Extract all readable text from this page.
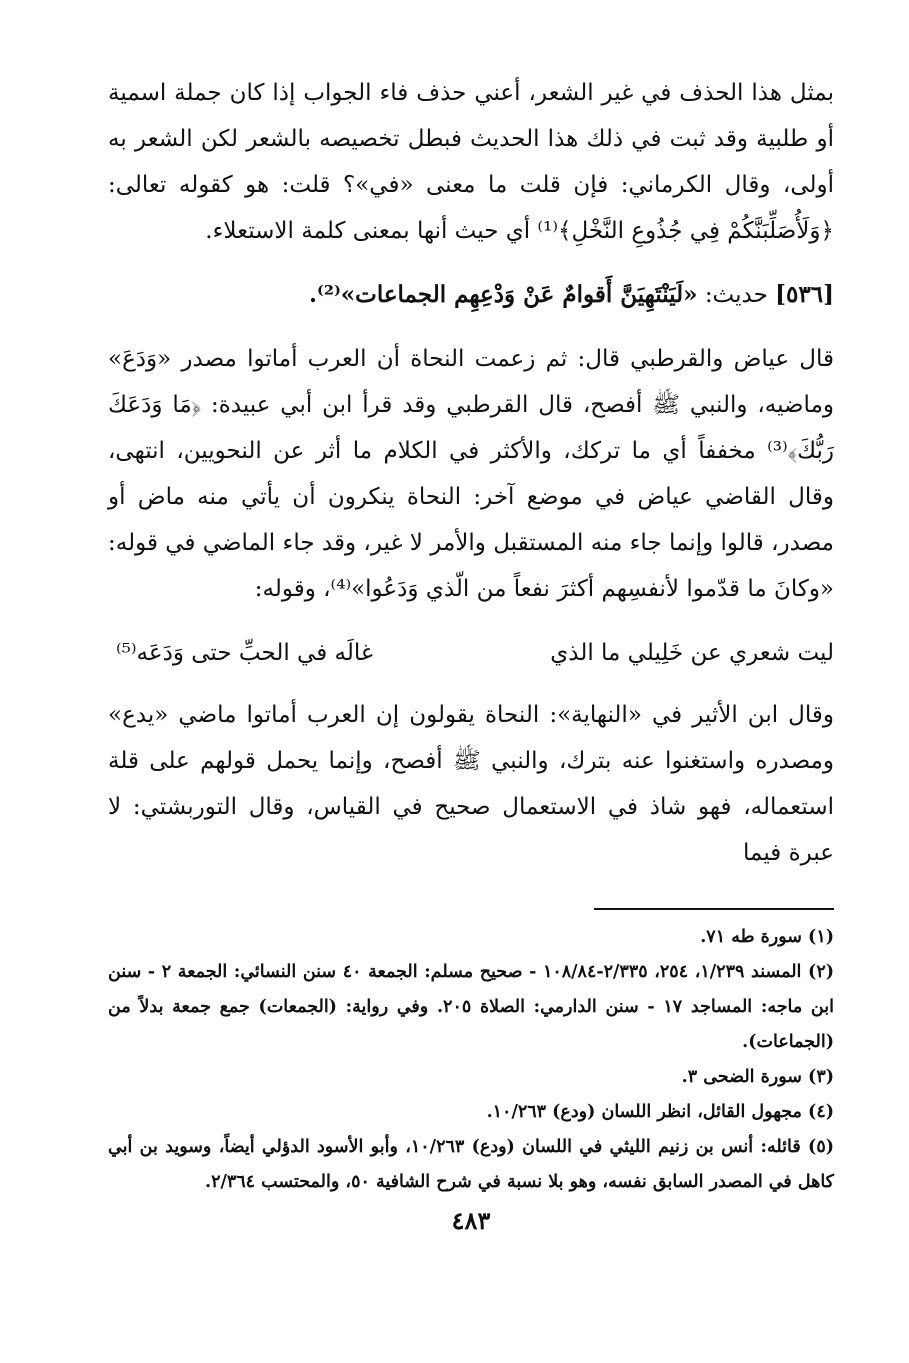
بمثل هذا الحذف في غير الشعر، أعني حذف فاء الجواب إذا كان جملة اسمية أو طلبية وقد ثبت في ذلك هذا الحديث فبطل تخصيصه بالشعر لكن الشعر به أولى، وقال الكرماني: فإن قلت ما معنى «في»؟ قلت: هو كقوله تعالى: ﴿وَلَأُصَلِّبَنَّكُمْ فِي جُذُوعِ النَّخْلِ﴾⁽¹⁾ أي حيث أنها بمعنى كلمة الاستعلاء.

[٥٣٦] حديث: «لَيَنْتَهِيَنَّ أَقوامٌ عَنْ وَدْعِهِم الجماعات»⁽²⁾.

قال عياض والقرطبي قال: ثم زعمت النحاة أن العرب أماتوا مصدر «وَدَعَ» وماضيه، والنبي ﷺ أفصح، قال القرطبي وقد قرأ ابن أبي عبيدة: ﴿مَا وَدَعَكَ رَبُّكَ﴾⁽³⁾ مخففاً أي ما تركك، والأكثر في الكلام ما أثر عن النحويين، انتهى، وقال القاضي عياض في موضع آخر: النحاة ينكرون أن يأتي منه ماض أو مصدر، قالوا وإنما جاء منه المستقبل والأمر لا غير، وقد جاء الماضي في قوله: «وكانَ ما قدّموا لأنفسِهم أكثرَ نفعاً من الّذي وَدَعُوا»⁽⁴⁾، وقوله:

ليت شعري عن خَلِيلي ما الذي
غالَه في الحبِّ حتى وَدَعَه⁽⁵⁾

وقال ابن الأثير في «النهاية»: النحاة يقولون إن العرب أماتوا ماضي «يدع» ومصدره واستغنوا عنه بترك، والنبي ﷺ أفصح، وإنما يحمل قولهم على قلة استعماله، فهو شاذ في الاستعمال صحيح في القياس، وقال التوربشتي: لا عبرة فيما

(١) سورة طه ٧١.

(٢) المسند ١/٢٣٩، ٢٥٤، ٢/٣٣٥-١٠٨/٨٤ - صحيح مسلم: الجمعة ٤٠ سنن النسائي: الجمعة ٢ - سنن ابن ماجه: المساجد ١٧ - سنن الدارمي: الصلاة ٢٠٥. وفي رواية: (الجمعات) جمع جمعة بدلاً من (الجماعات).

(٣) سورة الضحى ٣.

(٤) مجهول القائل، انظر اللسان (ودع) ١٠/٢٦٣.

(٥) قائله: أنس بن زنيم الليثي في اللسان (ودع) ١٠/٢٦٣، وأبو الأسود الدؤلي أيضاً، وسويد بن أبي كاهل في المصدر السابق نفسه، وهو بلا نسبة في شرح الشافية ٥٠، والمحتسب ٢/٣٦٤.

٤٨٣
